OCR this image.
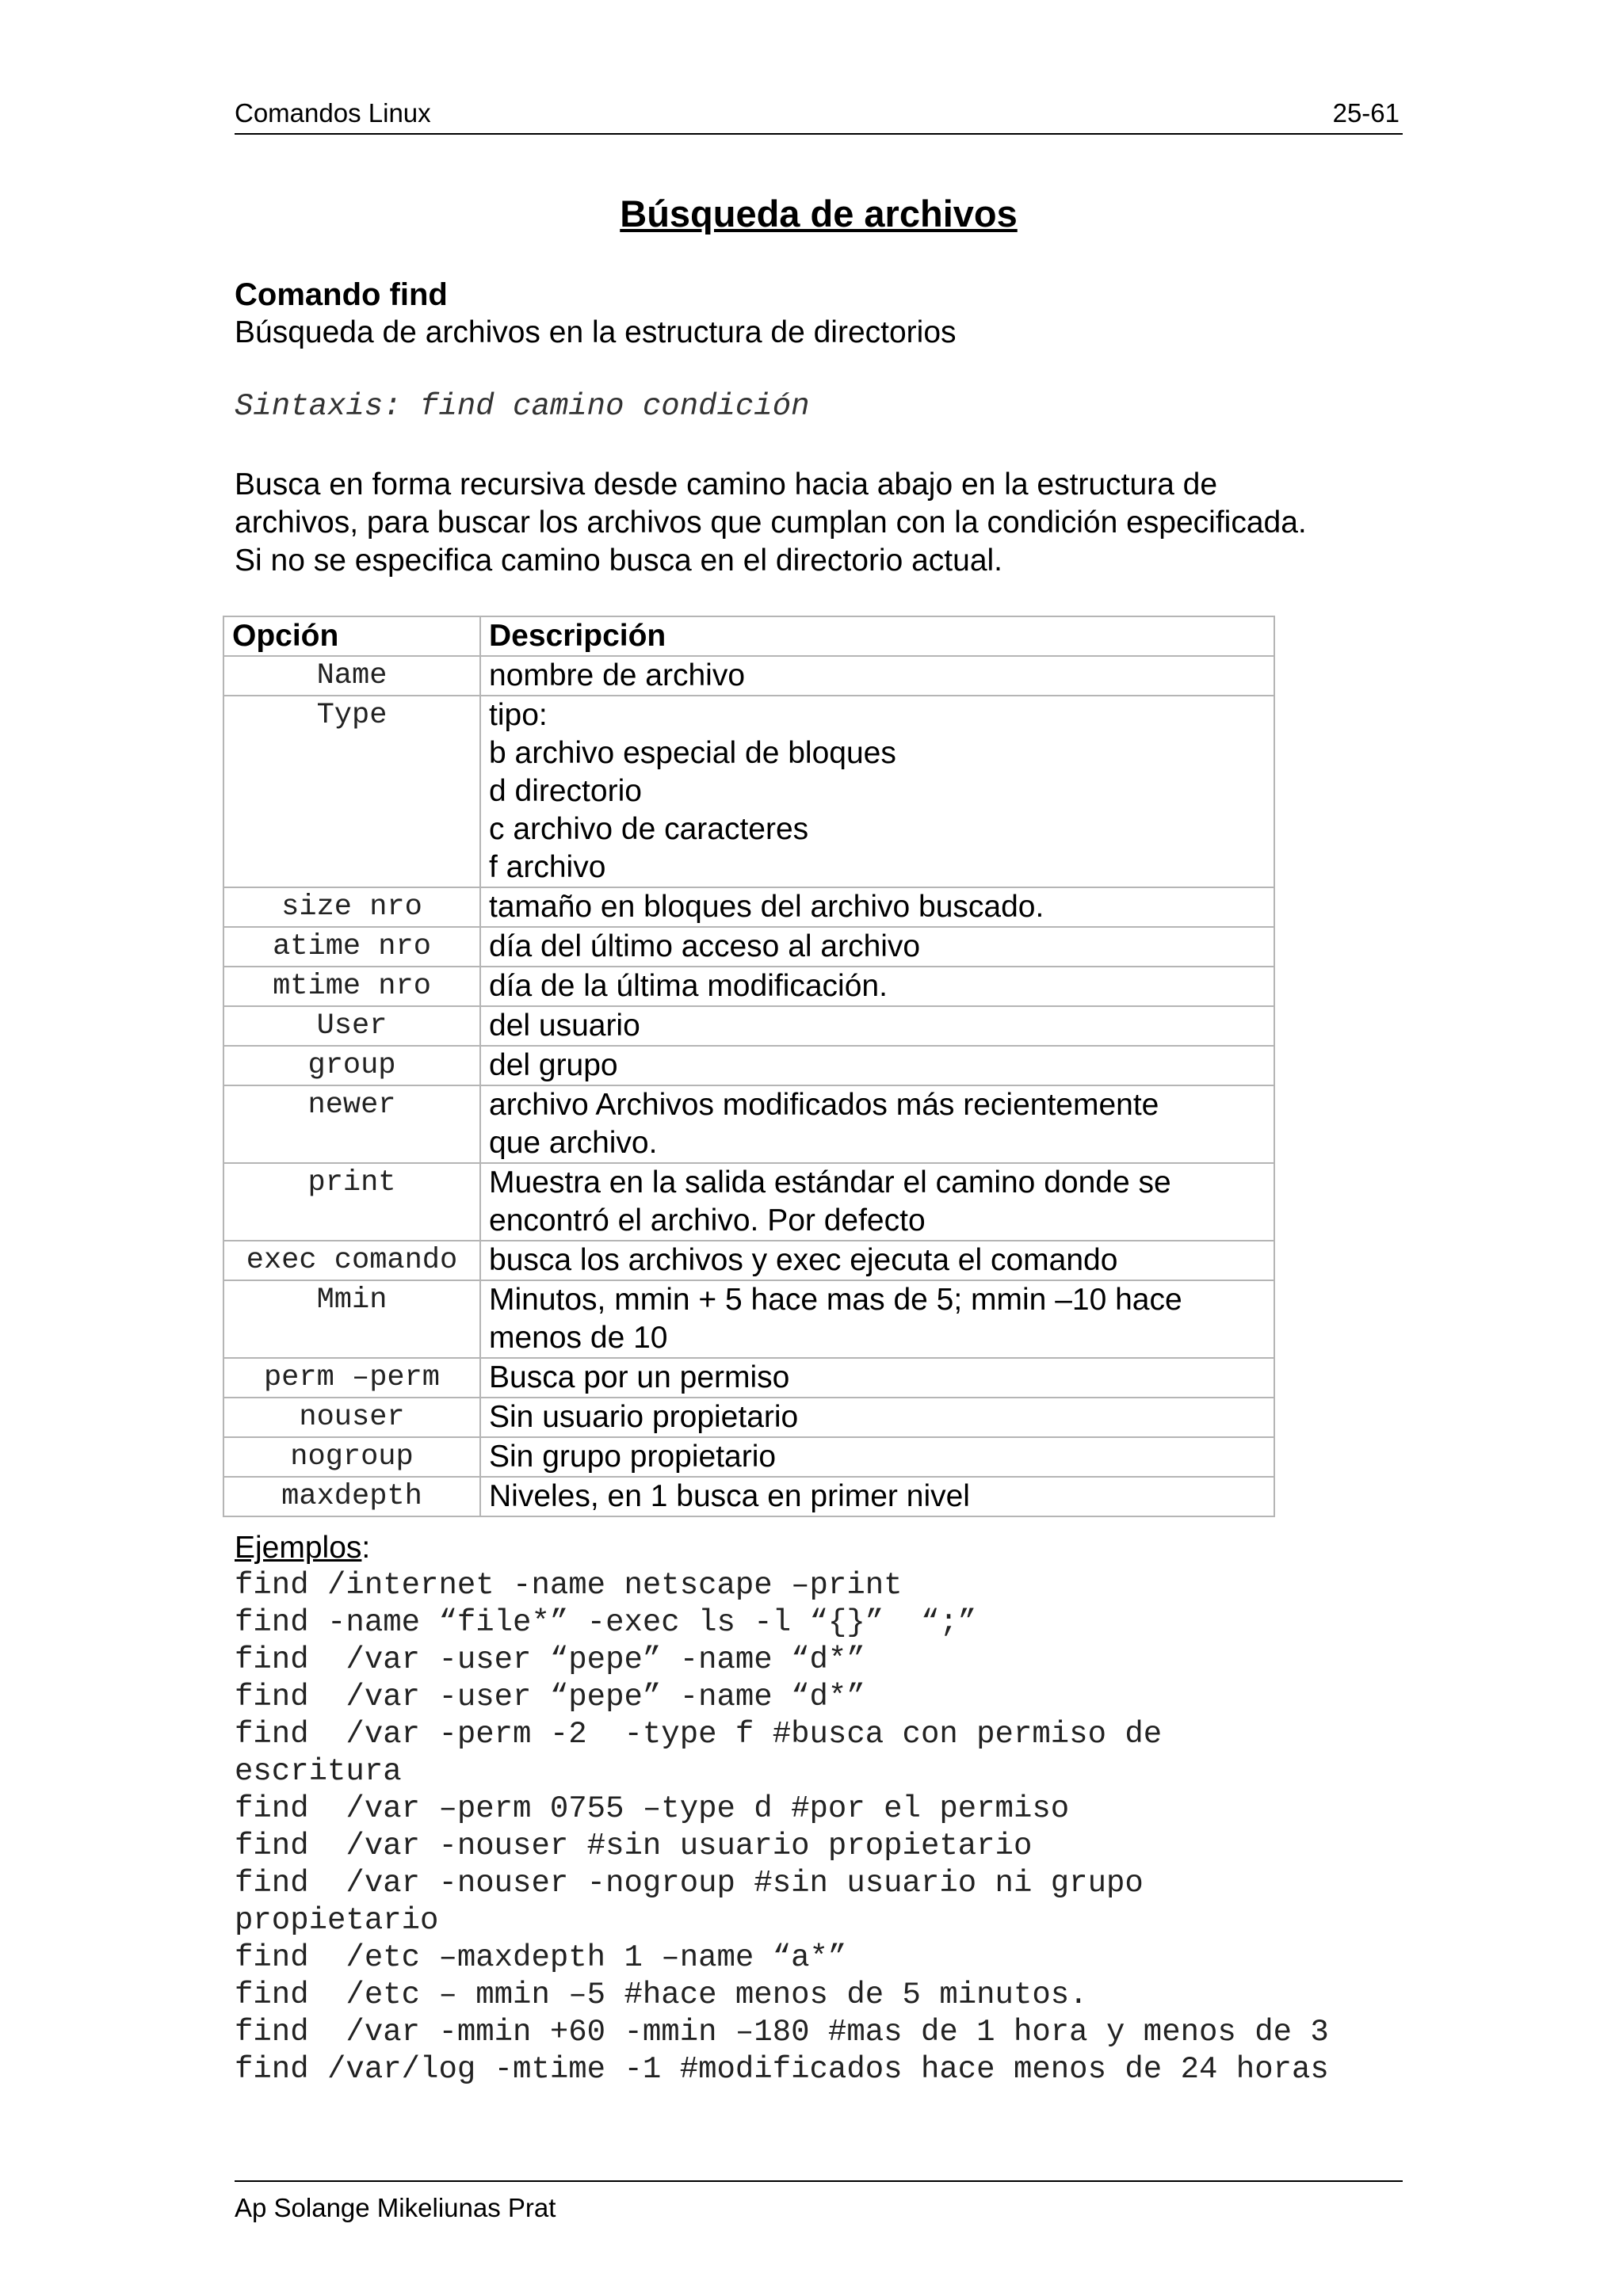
Comandos Linux	25-61
Búsqueda de archivos
Comando find
Búsqueda de archivos en la estructura de directorios
Sintaxis: find camino condición
Busca en forma recursiva desde camino hacia abajo en la estructura de
archivos, para buscar los archivos que cumplan con la condición especificada.
Si no se especifica camino busca en el directorio actual.
Opción	Descripción
Name	nombre de archivo

Type	tipo:
b archivo especial de bloques
d directorio
c archivo de caracteres
f archivo

size nro	tamaño en bloques del archivo buscado.

atime nro	día del último acceso al archivo

mtime nro	día de la última modificación.

User	del usuario

group	del grupo

newer	archivo Archivos modificados más recientemente
que archivo.

print	Muestra en la salida estándar el camino donde se
encontró el archivo. Por defecto

exec comando	busca los archivos y exec ejecuta el comando

Mmin	Minutos, mmin + 5 hace mas de 5; mmin –10 hace
menos de 10

perm –perm	Busca por un permiso

nouser	Sin usuario propietario

nogroup	Sin grupo propietario

maxdepth	Niveles, en 1 busca en primer nivel
Ejemplos:
find /internet -name netscape –print
find -name “file*” -exec ls -l “{}”  “;”
find  /var -user “pepe” -name “d*”
find  /var -user “pepe” -name “d*”
find  /var -perm -2  -type f #busca con permiso de
escritura
find  /var –perm 0755 –type d #por el permiso
find  /var -nouser #sin usuario propietario
find  /var -nouser -nogroup #sin usuario ni grupo
propietario
find  /etc –maxdepth 1 –name “a*”
find  /etc – mmin –5 #hace menos de 5 minutos.
find  /var -mmin +60 -mmin –180 #mas de 1 hora y menos de 3
find /var/log -mtime -1 #modificados hace menos de 24 horas
Ap Solange Mikeliunas Prat
